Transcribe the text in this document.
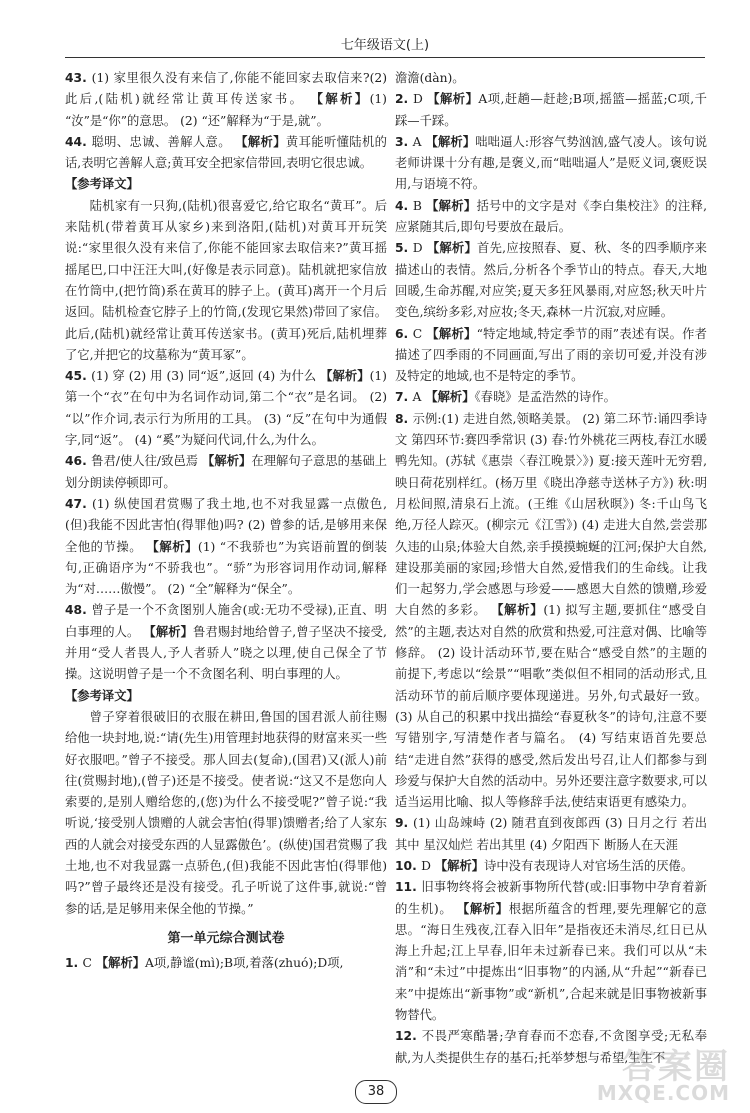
七年级语文(上)

43. (1) 家里很久没有来信了,你能不能回家去取信来?(2) 此后,(陆机)就经常让黄耳传送家书。 【解析】(1) “汝”是“你”的意思。 (2) “还”解释为“于是,就”。

44. 聪明、忠诚、善解人意。 【解析】黄耳能听懂陆机的话,表明它善解人意;黄耳安全把家信带回,表明它很忠诚。

【参考译文】

陆机家有一只狗,(陆机)很喜爱它,给它取名“黄耳”。后来陆机(带着黄耳从家乡)来到洛阳,(陆机)对黄耳开玩笑说:“家里很久没有来信了,你能不能回家去取信来?”黄耳摇摇尾巴,口中汪汪大叫,(好像是表示同意)。陆机就把家信放在竹筒中,(把竹筒)系在黄耳的脖子上。(黄耳)离开一个月后返回。陆机检查它脖子上的竹筒,(发现它果然)带回了家信。此后,(陆机)就经常让黄耳传送家书。(黄耳)死后,陆机埋葬了它,并把它的坟墓称为“黄耳冢”。

45. (1) 穿 (2) 用 (3) 同“返”,返回 (4) 为什么 【解析】(1) 第一个“衣”在句中为名词作动词,第二个“衣”是名词。 (2) “以”作介词,表示行为所用的工具。 (3) “反”在句中为通假字,同“返”。 (4) “奚”为疑问代词,什么,为什么。

46. 鲁君/使人往/致邑焉 【解析】在理解句子意思的基础上划分朗读停顿即可。

47. (1) 纵使国君赏赐了我土地,也不对我显露一点傲色,(但)我能不因此害怕(得罪他)吗? (2) 曾参的话,是够用来保全他的节操。 【解析】(1) “不我骄也”为宾语前置的倒装句,正确语序为“不骄我也”。“骄”为形容词用作动词,解释为“对……傲慢”。 (2) “全”解释为“保全”。

48. 曾子是一个不贪图别人施舍(或:无功不受禄),正直、明白事理的人。 【解析】鲁君赐封地给曾子,曾子坚决不接受,并用“受人者畏人,予人者骄人”晓之以理,使自己保全了节操。这说明曾子是一个不贪图名利、明白事理的人。

【参考译文】

曾子穿着很破旧的衣服在耕田,鲁国的国君派人前往赐给他一块封地,说:“请(先生)用管理封地获得的财富来买一些好衣服吧。”曾子不接受。那人回去(复命),(国君)又(派人)前往(赏赐封地),(曾子)还是不接受。使者说:“这又不是您向人索要的,是别人赠给您的,(您)为什么不接受呢?”曾子说:“我听说,‘接受别人馈赠的人就会害怕(得罪)馈赠者;给了人家东西的人就会对接受东西的人显露傲色’。(纵使)国君赏赐了我土地,也不对我显露一点骄色,(但)我能不因此害怕(得罪他)吗?”曾子最终还是没有接受。孔子听说了这件事,就说:“曾参的话,是足够用来保全他的节操。”

第一单元综合测试卷

1. C 【解析】A项,静谧(mì);B项,着落(zhuó);D项,

澹澹(dàn)。

2. D 【解析】A项,赶趟—赶趁;B项,摇篮—摇蓝;C项,千踩—千踩。

3. A 【解析】咄咄逼人:形容气势汹汹,盛气凌人。该句说老师讲课十分有趣,是褒义,而“咄咄逼人”是贬义词,褒贬误用,与语境不符。

4. B 【解析】括号中的文字是对《李白集校注》的注释,应紧随其后,即句号要放在最后。

5. D 【解析】首先,应按照春、夏、秋、冬的四季顺序来描述山的表情。然后,分析各个季节山的特点。春天,大地回暖,生命苏醒,对应笑;夏天多狂风暴雨,对应怒;秋天叶片变色,缤纷多彩,对应妆;冬天,森林一片沉寂,对应睡。

6. C 【解析】“特定地域,特定季节的雨”表述有误。作者描述了四季雨的不同画面,写出了雨的亲切可爱,并没有涉及特定的地域,也不是特定的季节。

7. A 【解析】《春晓》是孟浩然的诗作。

8. 示例:(1) 走进自然,领略美景。 (2) 第二环节:诵四季诗文 第四环节:赛四季常识 (3) 春:竹外桃花三两枝,春江水暖鸭先知。(苏轼《惠崇〈春江晚景〉》) 夏:接天莲叶无穷碧,映日荷花别样红。(杨万里《晓出净慈寺送林子方》) 秋:明月松间照,清泉石上流。(王维《山居秋暝》) 冬:千山鸟飞绝,万径人踪灭。(柳宗元《江雪》) (4) 走进大自然,尝尝那久违的山泉;体验大自然,亲手摸摸蜿蜒的江河;保护大自然,建设那美丽的家园;珍惜大自然,爱惜我们的生命线。让我们一起努力,学会感恩与珍爱——感恩大自然的馈赠,珍爱大自然的多彩。 【解析】(1) 拟写主题,要抓住“感受自然”的主题,表达对自然的欣赏和热爱,可注意对偶、比喻等修辞。 (2) 设计活动环节,要在贴合“感受自然”的主题的前提下,考虑以“绘景”“唱歌”类似但不相同的活动形式,且活动环节的前后顺序要体现递进。另外,句式最好一致。 (3) 从自己的积累中找出描绘“春夏秋冬”的诗句,注意不要写错别字,写清楚作者与篇名。 (4) 写结束语首先要总结“走进自然”获得的感受,然后发出号召,让人们都参与到珍爱与保护大自然的活动中。另外还要注意字数要求,可以适当运用比喻、拟人等修辞手法,使结束语更有感染力。

9. (1) 山岛竦峙 (2) 随君直到夜郎西 (3) 日月之行 若出其中 星汉灿烂 若出其里 (4) 夕阳西下 断肠人在天涯

10. D 【解析】诗中没有表现诗人对官场生活的厌倦。

11. 旧事物终将会被新事物所代替(或:旧事物中孕育着新的生机)。 【解析】根据所蕴含的哲理,要先理解它的意思。“海日生残夜,江春入旧年”是指夜还未消尽,红日已从海上升起;江上早春,旧年未过新春已来。我们可以从“未消”和“未过”中提炼出“旧事物”的内涵,从“升起”“新春已来”中提炼出“新事物”或“新机”,合起来就是旧事物被新事物替代。

12. 不畏严寒酷暑;孕育春而不恋春,不贪图享受;无私奉献,为人类提供生存的基石;托举梦想与希望,生生不

38
答案圈
MXQE.COM
